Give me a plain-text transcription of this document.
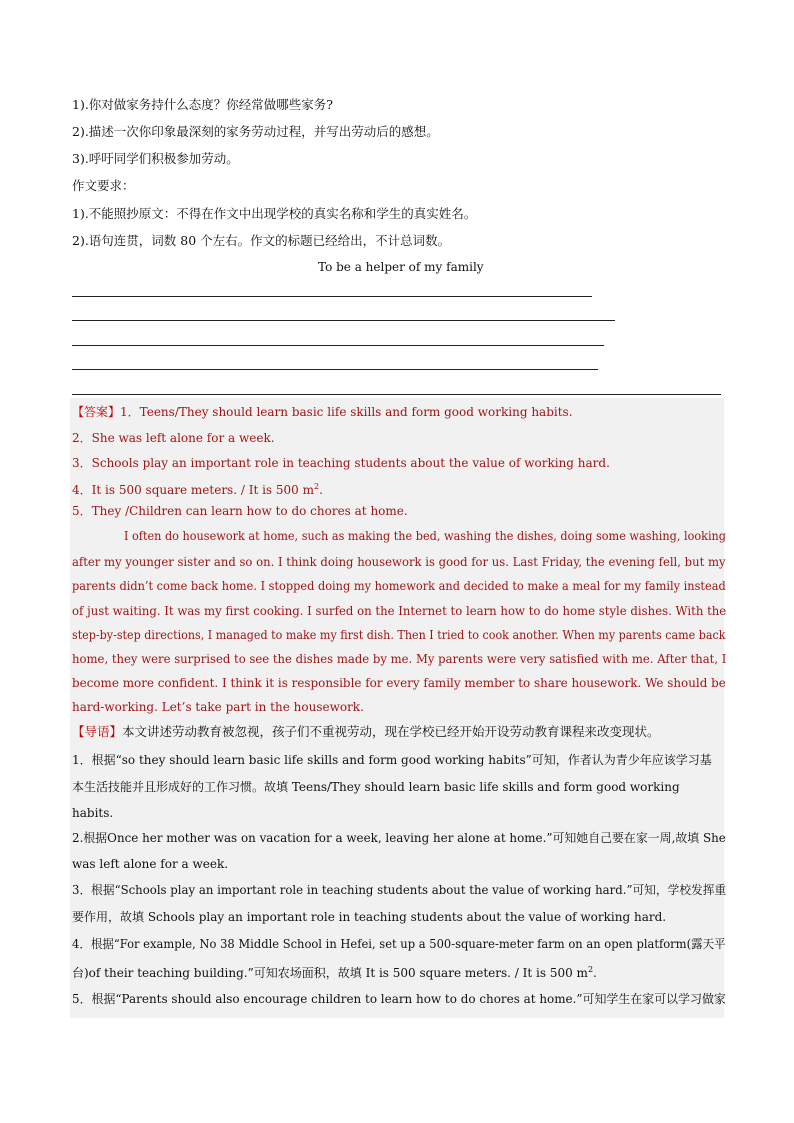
1).你对做家务持什么态度？你经常做哪些家务?
2).描述一次你印象最深刻的家务劳动过程，并写出劳动后的感想。
3).呼吁同学们积极参加劳动。
作文要求：
1).不能照抄原文：不得在作文中出现学校的真实名称和学生的真实姓名。
2).语句连贯，词数 80 个左右。作文的标题已经给出，不计总词数。
To be a helper of my family
【答案】1．Teens/They should learn basic life skills and form good working habits.
2．She was left alone for a week.
3．Schools play an important role in teaching students about the value of working hard.
4．It is 500 square meters. / It is 500 $m^2$.
5．They /Children can learn how to do chores at home.
I often do housework at home, such as making the bed, washing the dishes, doing some washing, looking
after my younger sister and so on. I think doing housework is good for us. Last Friday, the evening fell, but my
parents didn’t come back home. I stopped doing my homework and decided to make a meal for my family instead
of just waiting. It was my first cooking. I surfed on the Internet to learn how to do home style dishes. With the
step-by-step directions, I managed to make my first dish. Then I tried to cook another. When my parents came back
home, they were surprised to see the dishes made by me. My parents were very satisfied with me. After that, I
become more confident. I think it is responsible for every family member to share housework. We should be
hard-working. Let’s take part in the housework.
【导语】本文讲述劳动教育被忽视，孩子们不重视劳动，现在学校已经开始开设劳动教育课程来改变现状。
1．根据“so they should learn basic life skills and form good working habits”可知，作者认为青少年应该学习基
本生活技能并且形成好的工作习惯。故填 Teens/They should learn basic life skills and form good working
habits.
2.根据Once her mother was on vacation for a week, leaving her alone at home.”可知她自己要在家一周,故填 She
was left alone for a week.
3．根据“Schools play an important role in teaching students about the value of working hard.”可知，学校发挥重
要作用，故填 Schools play an important role in teaching students about the value of working hard.
4．根据“For example, No 38 Middle School in Hefei, set up a 500-square-meter farm on an open platform(露天平
台)of their teaching building.”可知农场面积，故填 It is 500 square meters. / It is 500 $m^2$.
5．根据“Parents should also encourage children to learn how to do chores at home.”可知学生在家可以学习做家
